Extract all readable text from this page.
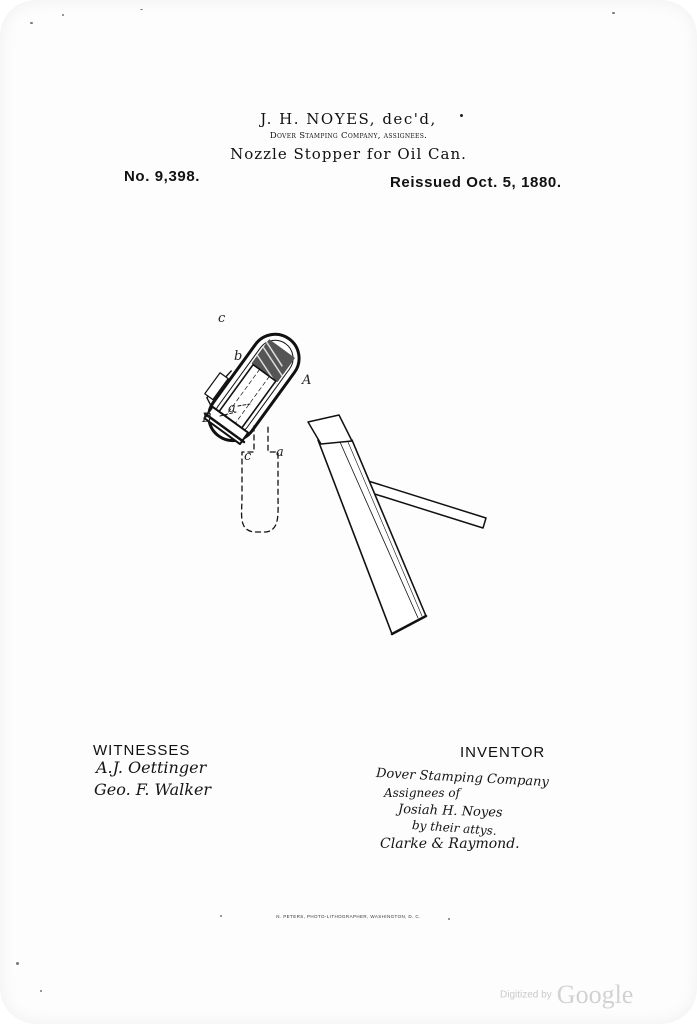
J. H. NOYES, dec'd,
Dover Stamping Company, assignees.
Nozzle Stopper for Oil Can.
No. 9,398.	Reissued Oct. 5, 1880.
c
b
A
a
B
c a
WITNESSES
A.J. Oettinger
Geo. F. Walker
INVENTOR
Dover Stamping Company
Assignees of
Josiah H. Noyes
by their attys.
Clarke & Raymond.
N. PETERS, PHOTO-LITHOGRAPHER, WASHINGTON, D. C.
Digitized by Google
